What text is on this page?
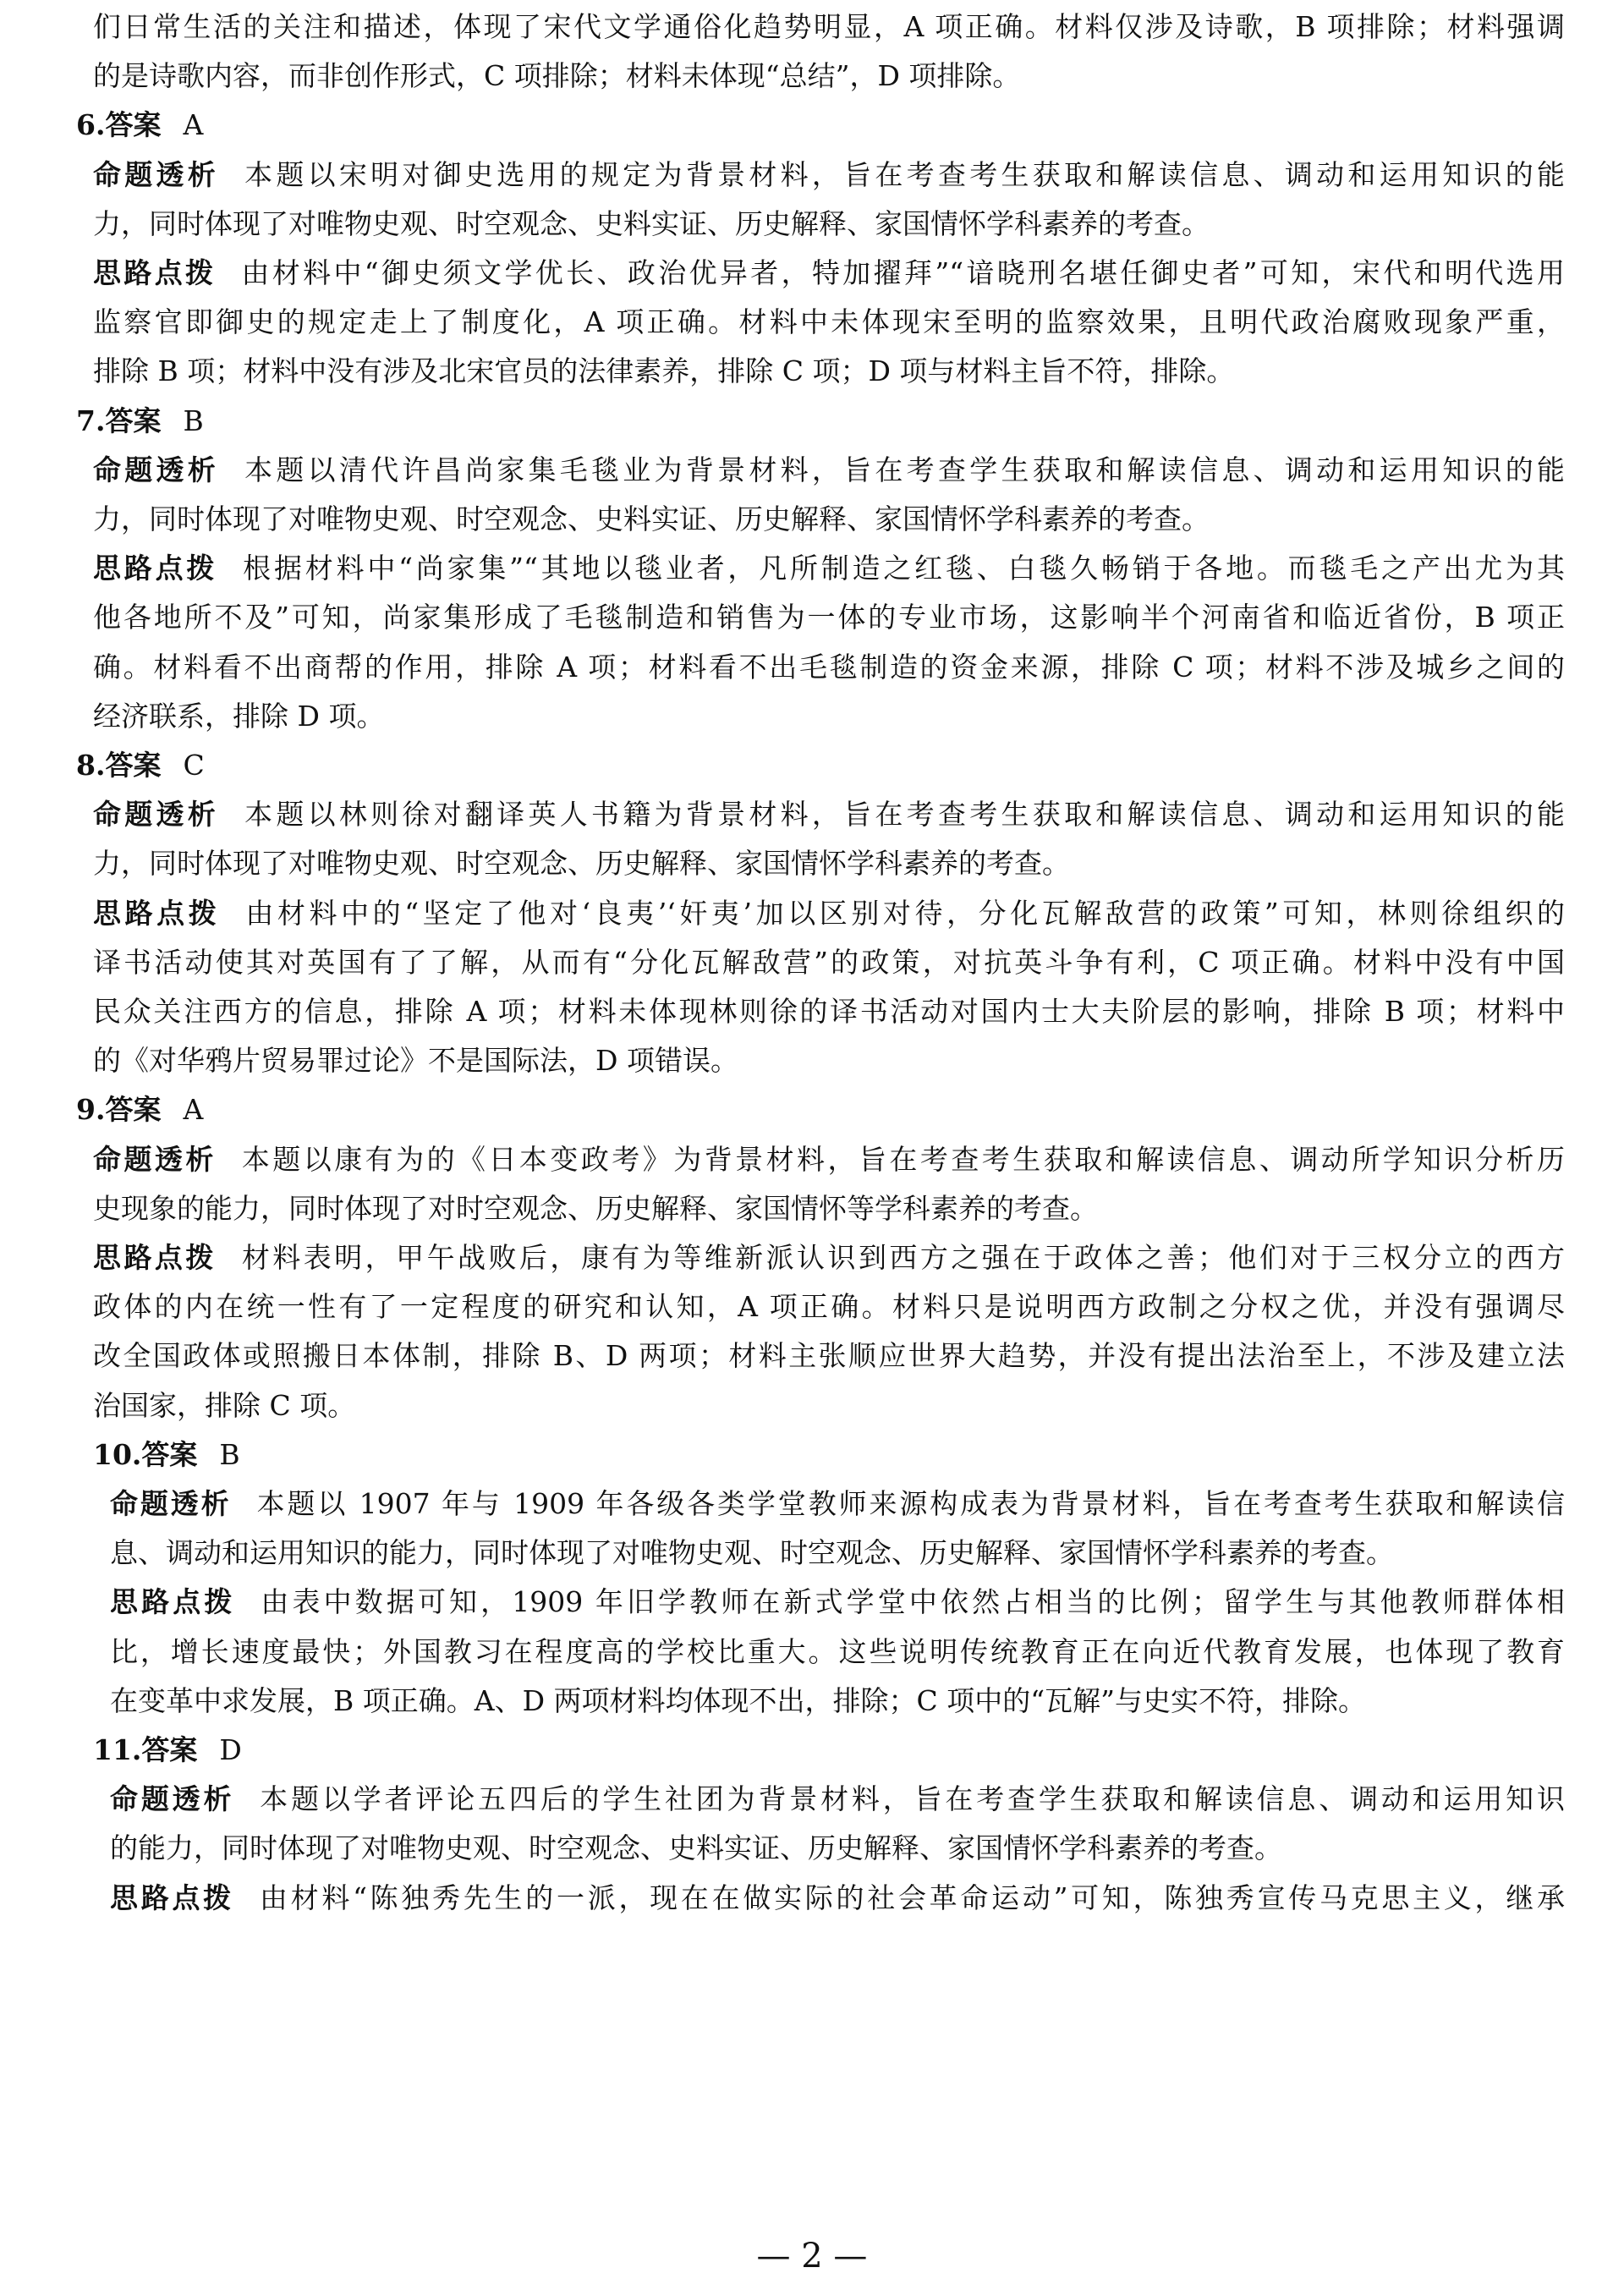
们日常生活的关注和描述，体现了宋代文学通俗化趋势明显，A 项正确。材料仅涉及诗歌，B 项排除；材料强调
的是诗歌内容，而非创作形式，C 项排除；材料未体现“总结”，D 项排除。
6.答案 A
命题透析 本题以宋明对御史选用的规定为背景材料，旨在考查考生获取和解读信息、调动和运用知识的能
力，同时体现了对唯物史观、时空观念、史料实证、历史解释、家国情怀学科素养的考查。
思路点拨 由材料中“御史须文学优长、政治优异者，特加擢拜”“谙晓刑名堪任御史者”可知，宋代和明代选用
监察官即御史的规定走上了制度化，A 项正确。材料中未体现宋至明的监察效果，且明代政治腐败现象严重，
排除 B 项；材料中没有涉及北宋官员的法律素养，排除 C 项；D 项与材料主旨不符，排除。
7.答案 B
命题透析 本题以清代许昌尚家集毛毯业为背景材料，旨在考查学生获取和解读信息、调动和运用知识的能
力，同时体现了对唯物史观、时空观念、史料实证、历史解释、家国情怀学科素养的考查。
思路点拨 根据材料中“尚家集”“其地以毯业者，凡所制造之红毯、白毯久畅销于各地。而毯毛之产出尤为其
他各地所不及”可知，尚家集形成了毛毯制造和销售为一体的专业市场，这影响半个河南省和临近省份，B 项正
确。材料看不出商帮的作用，排除 A 项；材料看不出毛毯制造的资金来源，排除 C 项；材料不涉及城乡之间的
经济联系，排除 D 项。
8.答案 C
命题透析 本题以林则徐对翻译英人书籍为背景材料，旨在考查考生获取和解读信息、调动和运用知识的能
力，同时体现了对唯物史观、时空观念、历史解释、家国情怀学科素养的考查。
思路点拨 由材料中的“坚定了他对‘良夷’‘奸夷’加以区别对待，分化瓦解敌营的政策”可知，林则徐组织的
译书活动使其对英国有了了解，从而有“分化瓦解敌营”的政策，对抗英斗争有利，C 项正确。材料中没有中国
民众关注西方的信息，排除 A 项；材料未体现林则徐的译书活动对国内士大夫阶层的影响，排除 B 项；材料中
的《对华鸦片贸易罪过论》不是国际法，D 项错误。
9.答案 A
命题透析 本题以康有为的《日本变政考》为背景材料，旨在考查考生获取和解读信息、调动所学知识分析历
史现象的能力，同时体现了对时空观念、历史解释、家国情怀等学科素养的考查。
思路点拨 材料表明，甲午战败后，康有为等维新派认识到西方之强在于政体之善；他们对于三权分立的西方
政体的内在统一性有了一定程度的研究和认知，A 项正确。材料只是说明西方政制之分权之优，并没有强调尽
改全国政体或照搬日本体制，排除 B、D 两项；材料主张顺应世界大趋势，并没有提出法治至上，不涉及建立法
治国家，排除 C 项。
10.答案 B
命题透析 本题以 1907 年与 1909 年各级各类学堂教师来源构成表为背景材料，旨在考查考生获取和解读信
息、调动和运用知识的能力，同时体现了对唯物史观、时空观念、历史解释、家国情怀学科素养的考查。
思路点拨 由表中数据可知，1909 年旧学教师在新式学堂中依然占相当的比例；留学生与其他教师群体相
比，增长速度最快；外国教习在程度高的学校比重大。这些说明传统教育正在向近代教育发展，也体现了教育
在变革中求发展，B 项正确。A、D 两项材料均体现不出，排除；C 项中的“瓦解”与史实不符，排除。
11.答案 D
命题透析 本题以学者评论五四后的学生社团为背景材料，旨在考查学生获取和解读信息、调动和运用知识
的能力，同时体现了对唯物史观、时空观念、史料实证、历史解释、家国情怀学科素养的考查。
思路点拨 由材料“陈独秀先生的一派，现在在做实际的社会革命运动”可知，陈独秀宣传马克思主义，继承
— 2 —
